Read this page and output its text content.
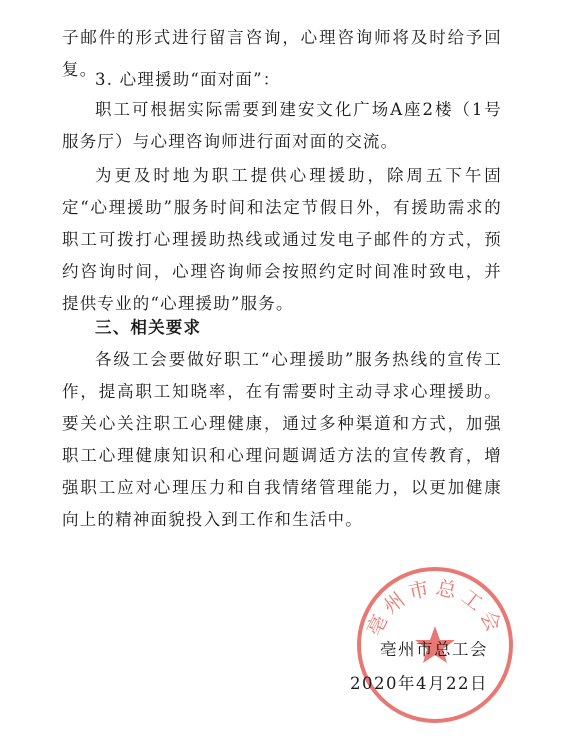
子邮件的形式进行留言咨询，心理咨询师将及时给予回复。

3. 心理援助“面对面”：

职工可根据实际需要到建安文化广场A座2楼（1号服务厅）与心理咨询师进行面对面的交流。

为更及时地为职工提供心理援助，除周五下午固定“心理援助”服务时间和法定节假日外，有援助需求的职工可拨打心理援助热线或通过发电子邮件的方式，预约咨询时间，心理咨询师会按照约定时间准时致电，并提供专业的“心理援助”服务。

三、相关要求

各级工会要做好职工“心理援助”服务热线的宣传工作，提高职工知晓率，在有需要时主动寻求心理援助。要关心关注职工心理健康，通过多种渠道和方式，加强职工心理健康知识和心理问题调适方法的宣传教育，增强职工应对心理压力和自我情绪管理能力，以更加健康向上的精神面貌投入到工作和生活中。

亳州市总工会
亳州市总工会
2020年4月22日
